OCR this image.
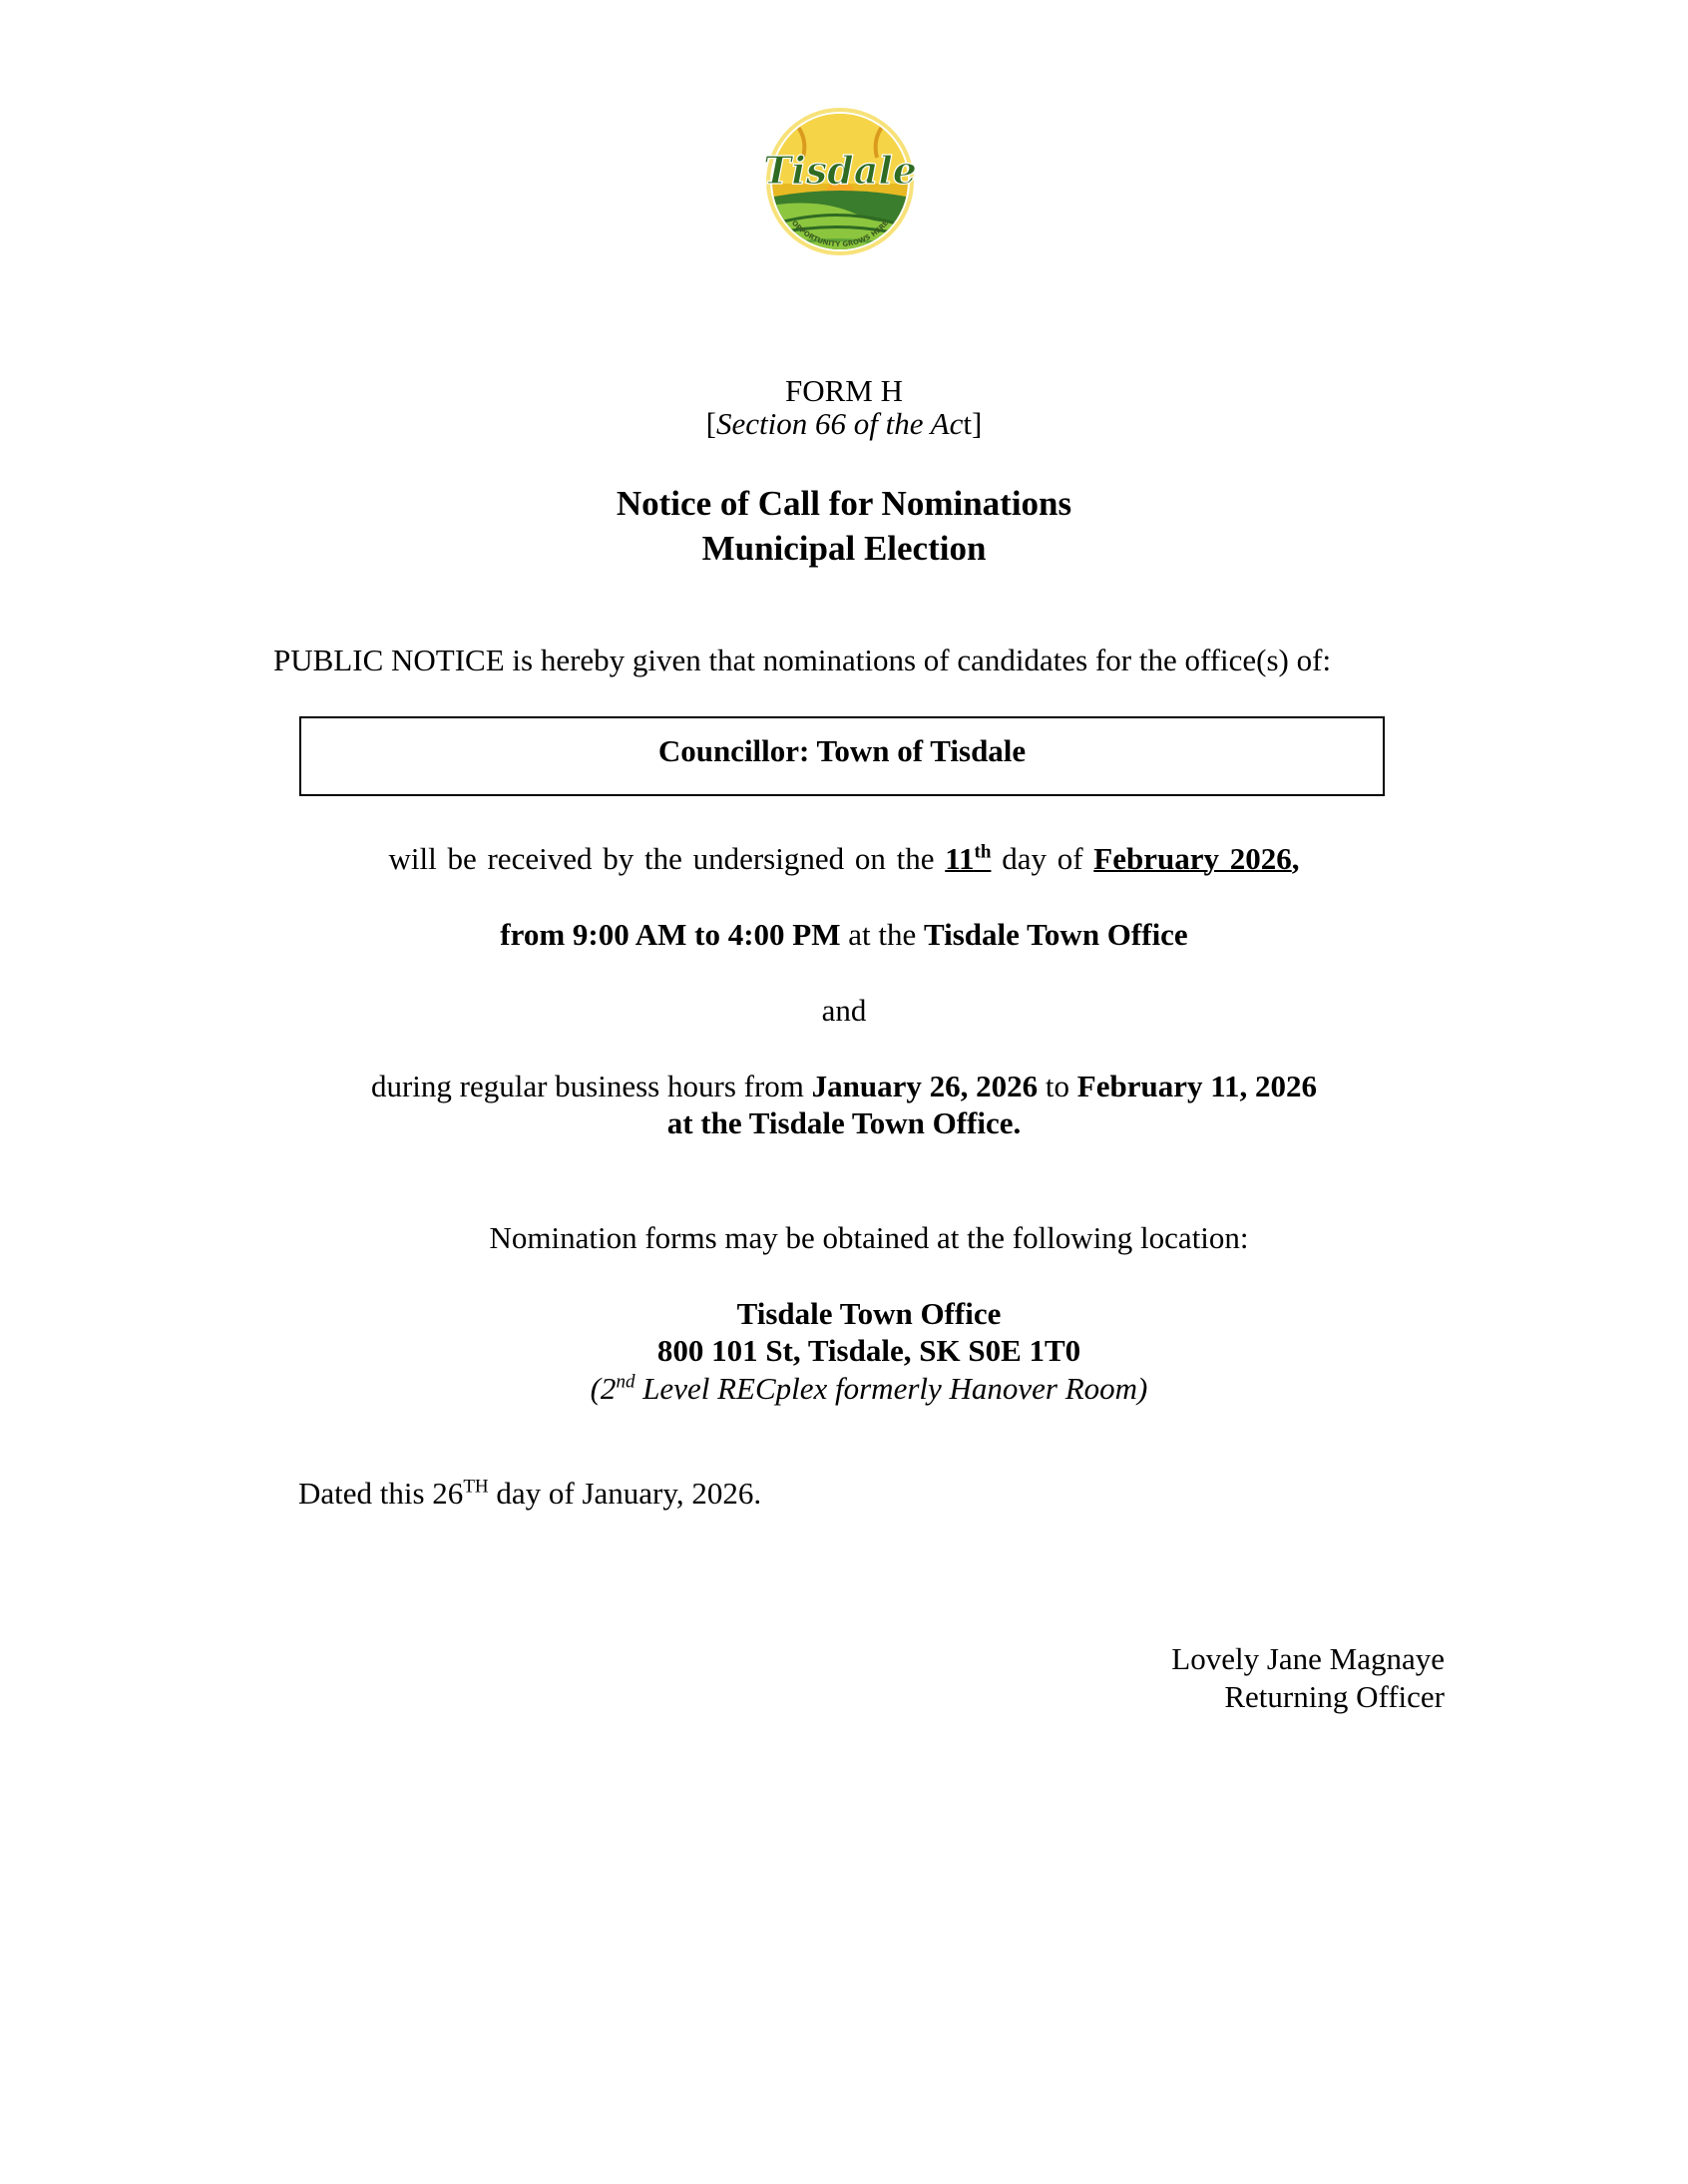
Tisdale
OPPORTUNITY GROWS HERE
FORM H
[Section 66 of the Act]
Notice of Call for Nominations
Municipal Election
PUBLIC NOTICE is hereby given that nominations of candidates for the office(s) of:
Councillor: Town of Tisdale
will be received by the undersigned on the 11th day of February 2026,
from 9:00 AM to 4:00 PM at the Tisdale Town Office
and
during regular business hours from January 26, 2026 to February 11, 2026
at the Tisdale Town Office.
Nomination forms may be obtained at the following location:
Tisdale Town Office
800 101 St, Tisdale, SK S0E 1T0
(2nd Level RECplex formerly Hanover Room)
Dated this 26TH day of January, 2026.
Lovely Jane Magnaye
Returning Officer
